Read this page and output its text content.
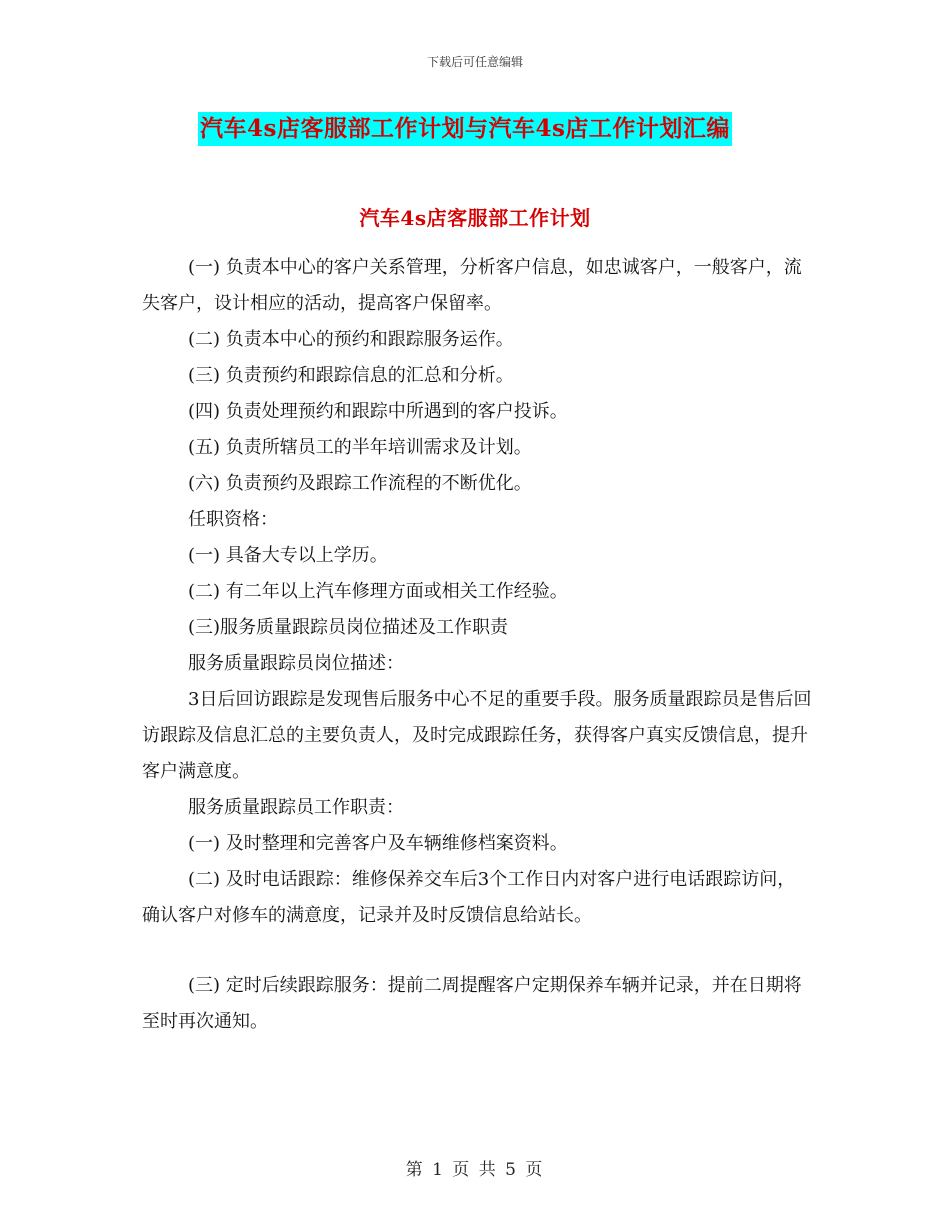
下载后可任意编辑
汽车4s店客服部工作计划与汽车4s店工作计划汇编
汽车4s店客服部工作计划

(一) 负责本中心的客户关系管理，分析客户信息，如忠诚客户，一般客户，流失客户，设计相应的活动，提高客户保留率。

(二) 负责本中心的预约和跟踪服务运作。

(三) 负责预约和跟踪信息的汇总和分析。

(四) 负责处理预约和跟踪中所遇到的客户投诉。

(五) 负责所辖员工的半年培训需求及计划。

(六) 负责预约及跟踪工作流程的不断优化。

任职资格：

(一) 具备大专以上学历。

(二) 有二年以上汽车修理方面或相关工作经验。

(三)服务质量跟踪员岗位描述及工作职责

服务质量跟踪员岗位描述：

3日后回访跟踪是发现售后服务中心不足的重要手段。服务质量跟踪员是售后回访跟踪及信息汇总的主要负责人，及时完成跟踪任务，获得客户真实反馈信息，提升客户满意度。

服务质量跟踪员工作职责：

(一) 及时整理和完善客户及车辆维修档案资料。

(二) 及时电话跟踪：维修保养交车后3个工作日内对客户进行电话跟踪访问，确认客户对修车的满意度，记录并及时反馈信息给站长。

(三) 定时后续跟踪服务：提前二周提醒客户定期保养车辆并记录，并在日期将至时再次通知。

第 1 页 共 5 页
